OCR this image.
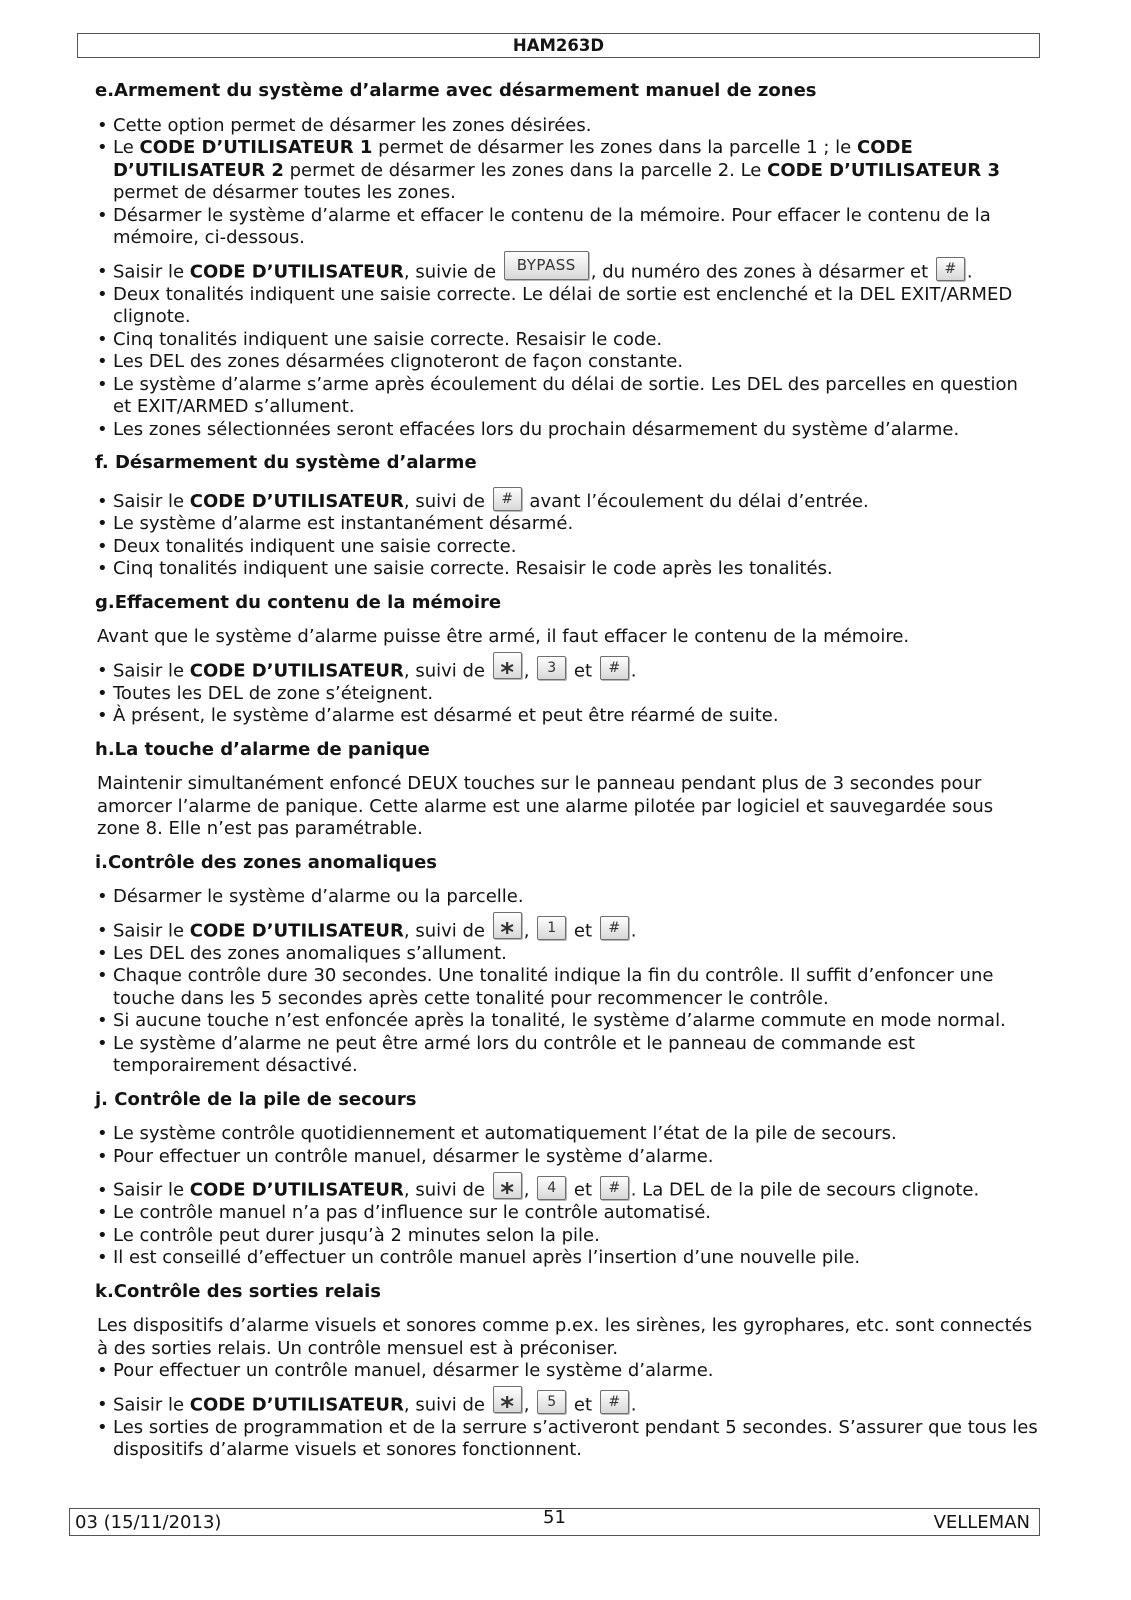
HAM263D
e.Armement du système d’alarme avec désarmement manuel de zones
•Cette option permet de désarmer les zones désirées.
•Le CODE D’UTILISATEUR 1 permet de désarmer les zones dans la parcelle 1 ; le CODE D’UTILISATEUR 2 permet de désarmer les zones dans la parcelle 2. Le CODE D’UTILISATEUR 3 permet de désarmer toutes les zones.
•Désarmer le système d’alarme et effacer le contenu de la mémoire. Pour effacer le contenu de la mémoire, ci-dessous.
•Saisir le CODE D’UTILISATEUR, suivie de BYPASS , du numéro des zones à désarmer et # .
•Deux tonalités indiquent une saisie correcte. Le délai de sortie est enclenché et la DEL EXIT/ARMED clignote.
•Cinq tonalités indiquent une saisie correcte. Resaisir le code.
•Les DEL des zones désarmées clignoteront de façon constante.
•Le système d’alarme s’arme après écoulement du délai de sortie. Les DEL des parcelles en question et EXIT/ARMED s’allument.
•Les zones sélectionnées seront effacées lors du prochain désarmement du système d’alarme.
f. Désarmement du système d’alarme
•Saisir le CODE D’UTILISATEUR, suivi de # avant l’écoulement du délai d’entrée.
•Le système d’alarme est instantanément désarmé.
•Deux tonalités indiquent une saisie correcte.
•Cinq tonalités indiquent une saisie correcte. Resaisir le code après les tonalités.
g.Effacement du contenu de la mémoire

Avant que le système d’alarme puisse être armé, il faut effacer le contenu de la mémoire.

•Saisir le CODE D’UTILISATEUR, suivi de * , 3 et # .
•Toutes les DEL de zone s’éteignent.
•À présent, le système d’alarme est désarmé et peut être réarmé de suite.
h.La touche d’alarme de panique

Maintenir simultanément enfoncé DEUX touches sur le panneau pendant plus de 3 secondes pour amorcer l’alarme de panique. Cette alarme est une alarme pilotée par logiciel et sauvegardée sous zone 8. Elle n’est pas paramétrable.

i.Contrôle des zones anomaliques
•Désarmer le système d’alarme ou la parcelle.
•Saisir le CODE D’UTILISATEUR, suivi de * , 1 et # .
•Les DEL des zones anomaliques s’allument.
•Chaque contrôle dure 30 secondes. Une tonalité indique la fin du contrôle. Il suffit d’enfoncer une touche dans les 5 secondes après cette tonalité pour recommencer le contrôle.
•Si aucune touche n’est enfoncée après la tonalité, le système d’alarme commute en mode normal.
•Le système d’alarme ne peut être armé lors du contrôle et le panneau de commande est temporairement désactivé.
j. Contrôle de la pile de secours
•Le système contrôle quotidiennement et automatiquement l’état de la pile de secours.
•Pour effectuer un contrôle manuel, désarmer le système d’alarme.
•Saisir le CODE D’UTILISATEUR, suivi de * , 4 et # . La DEL de la pile de secours clignote.
•Le contrôle manuel n’a pas d’influence sur le contrôle automatisé.
•Le contrôle peut durer jusqu’à 2 minutes selon la pile.
•Il est conseillé d’effectuer un contrôle manuel après l’insertion d’une nouvelle pile.
k.Contrôle des sorties relais

Les dispositifs d’alarme visuels et sonores comme p.ex. les sirènes, les gyrophares, etc. sont connectés à des sorties relais. Un contrôle mensuel est à préconiser.

•Pour effectuer un contrôle manuel, désarmer le système d’alarme.
•Saisir le CODE D’UTILISATEUR, suivi de * , 5 et # .
•Les sorties de programmation et de la serrure s’activeront pendant 5 secondes. S’assurer que tous les dispositifs d’alarme visuels et sonores fonctionnent.
03 (15/11/2013)	51	VELLEMAN
